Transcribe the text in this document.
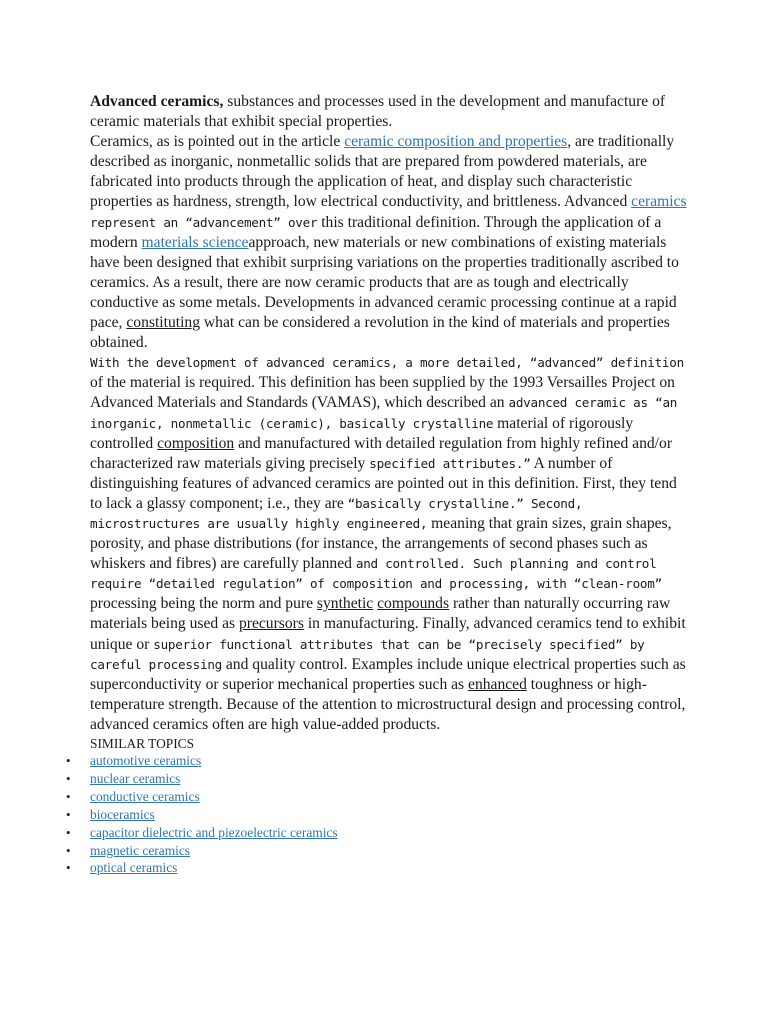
Advanced ceramics, substances and processes used in the development and manufacture of ceramic materials that exhibit special properties.

Ceramics, as is pointed out in the article ceramic composition and properties, are traditionally described as inorganic, nonmetallic solids that are prepared from powdered materials, are fabricated into products through the application of heat, and display such characteristic properties as hardness, strength, low electrical conductivity, and brittleness. Advanced ceramics represent an “advancement” over this traditional definition. Through the application of a modern materials scienceapproach, new materials or new combinations of existing materials have been designed that exhibit surprising variations on the properties traditionally ascribed to ceramics. As a result, there are now ceramic products that are as tough and electrically conductive as some metals. Developments in advanced ceramic processing continue at a rapid pace, constituting what can be considered a revolution in the kind of materials and properties obtained.

With the development of advanced ceramics, a more detailed, “advanced” definition of the material is required. This definition has been supplied by the 1993 Versailles Project on Advanced Materials and Standards (VAMAS), which described an advanced ceramic as “an inorganic, nonmetallic (ceramic), basically crystalline material of rigorously controlled composition and manufactured with detailed regulation from highly refined and/or characterized raw materials giving precisely specified attributes.” A number of distinguishing features of advanced ceramics are pointed out in this definition. First, they tend to lack a glassy component; i.e., they are “basically crystalline.” Second, microstructures are usually highly engineered, meaning that grain sizes, grain shapes, porosity, and phase distributions (for instance, the arrangements of second phases such as whiskers and fibres) are carefully planned and controlled. Such planning and control require “detailed regulation” of composition and processing, with “clean-room” processing being the norm and pure synthetic compounds rather than naturally occurring raw materials being used as precursors in manufacturing. Finally, advanced ceramics tend to exhibit unique or superior functional attributes that can be “precisely specified” by careful processing and quality control. Examples include unique electrical properties such as superconductivity or superior mechanical properties such as enhanced toughness or high-temperature strength. Because of the attention to microstructural design and processing control, advanced ceramics often are high value-added products.

SIMILAR TOPICS

• automotive ceramics
• nuclear ceramics
• conductive ceramics
• bioceramics
• capacitor dielectric and piezoelectric ceramics
• magnetic ceramics
• optical ceramics
